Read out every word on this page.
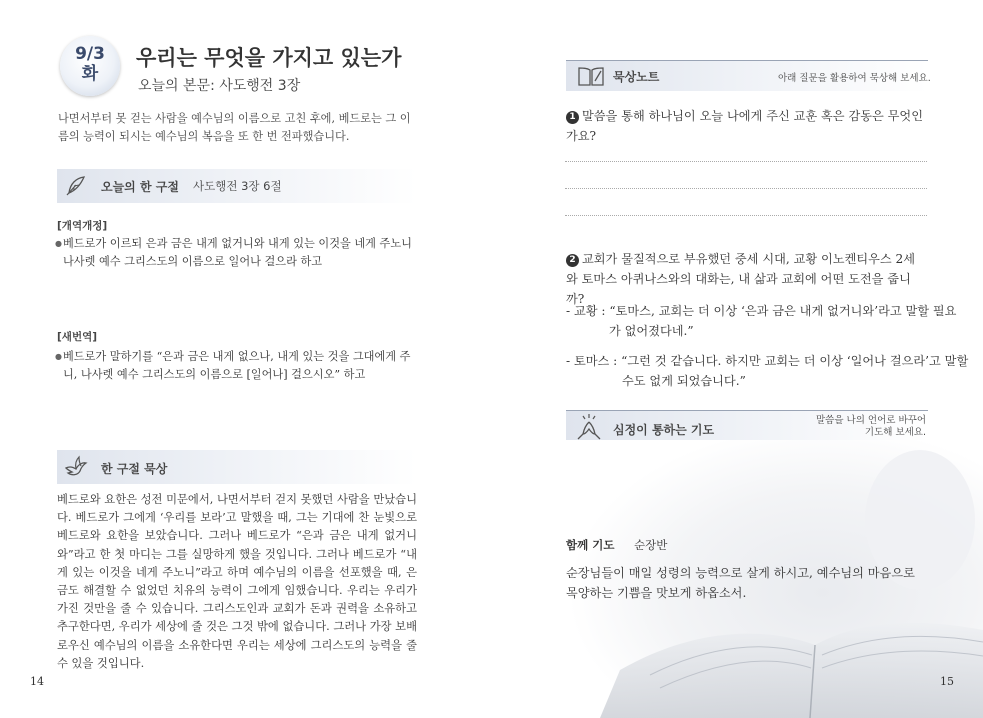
9/3
화
우리는 무엇을 가지고 있는가
오늘의 본문: 사도행전 3장
나면서부터 못 걷는 사람을 예수님의 이름으로 고친 후에, 베드로는 그 이름의 능력이 되시는 예수님의 복음을 또 한 번 전파했습니다.
오늘의 한 구절 사도행전 3장 6절
[개역개정]
● 베드로가 이르되 은과 금은 내게 없거니와 내게 있는 이것을 네게 주노니 나사렛 예수 그리스도의 이름으로 일어나 걸으라 하고
[새번역]
● 베드로가 말하기를 “은과 금은 내게 없으나, 내게 있는 것을 그대에게 주니, 나사렛 예수 그리스도의 이름으로 [일어나] 걸으시오” 하고
한 구절 묵상
베드로와 요한은 성전 미문에서, 나면서부터 걷지 못했던 사람을 만났습니다. 베드로가 그에게 ‘우리를 보라’고 말했을 때, 그는 기대에 찬 눈빛으로 베드로와 요한을 보았습니다. 그러나 베드로가 “은과 금은 내게 없거니와”라고 한 첫 마디는 그를 실망하게 했을 것입니다. 그러나 베드로가 “내게 있는 이것을 네게 주노니”라고 하며 예수님의 이름을 선포했을 때, 은금도 해결할 수 없었던 치유의 능력이 그에게 임했습니다. 우리는 우리가 가진 것만을 줄 수 있습니다. 그리스도인과 교회가 돈과 권력을 소유하고 추구한다면, 우리가 세상에 줄 것은 그것 밖에 없습니다. 그러나 가장 보배로우신 예수님의 이름을 소유한다면 우리는 세상에 그리스도의 능력을 줄 수 있을 것입니다.
14
묵상노트	아래 질문을 활용하여 묵상해 보세요.
1 말씀을 통해 하나님이 오늘 나에게 주신 교훈 혹은 감동은 무엇인가요?
2 교회가 물질적으로 부유했던 중세 시대, 교황 이노켄티우스 2세와 토마스 아퀴나스와의 대화는, 내 삶과 교회에 어떤 도전을 줍니까?
- 교황 : “토마스, 교회는 더 이상 ‘은과 금은 내게 없거니와’라고 말할 필요가 없어졌다네.”
- 토마스 : “그런 것 같습니다. 하지만 교회는 더 이상 ‘일어나 걸으라’고 말할 수도 없게 되었습니다.”
심정이 통하는 기도
말씀을 나의 언어로 바꾸어
기도해 보세요.
함께 기도 순장반
순장님들이 매일 성령의 능력으로 살게 하시고, 예수님의 마음으로 목양하는 기쁨을 맛보게 하옵소서.
15
